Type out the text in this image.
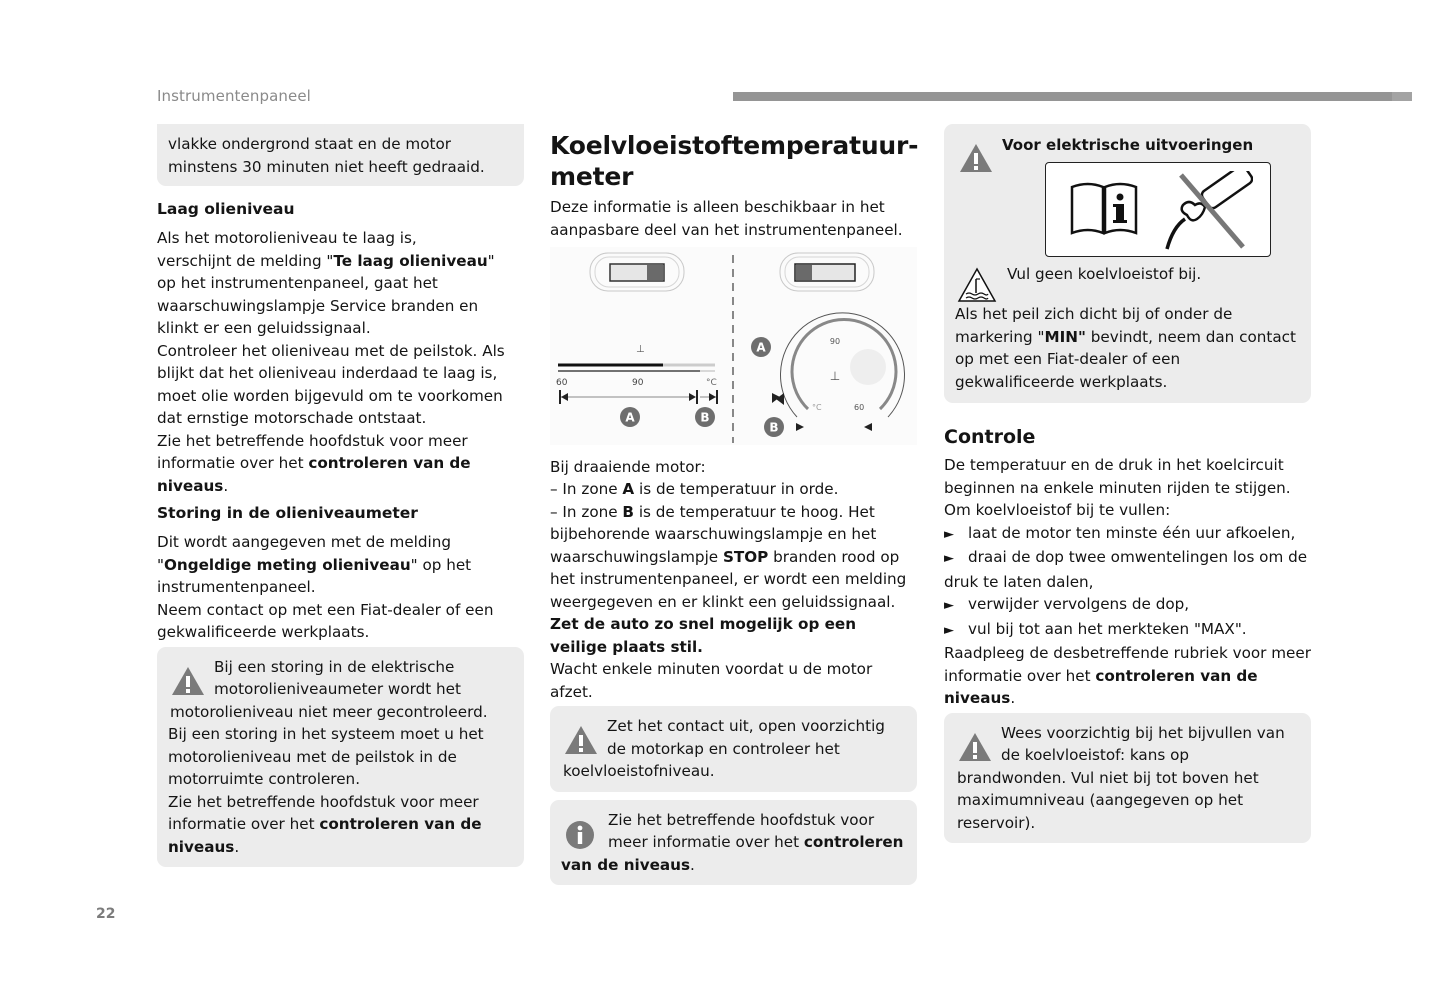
Instrumentenpaneel

vlakke ondergrond staat en de motor minstens 30 minuten niet heeft gedraaid.

Laag olieniveau

Als het motorolieniveau te laag is,
verschijnt de melding "Te laag olieniveau"
op het instrumentenpaneel, gaat het waarschuwingslampje Service branden en klinkt er een geluidssignaal.

Controleer het olieniveau met de peilstok. Als blijkt dat het olieniveau inderdaad te laag is, moet olie worden bijgevuld om te voorkomen dat ernstige motorschade ontstaat.

Zie het betreffende hoofdstuk voor meer informatie over het controleren van de niveaus.

Storing in de olieniveaumeter

Dit wordt aangegeven met de melding "Ongeldige meting olieniveau" op het instrumentenpaneel.

Neem contact op met een Fiat-dealer of een gekwalificeerde werkplaats.

Bij een storing in de elektrische motorolieniveaumeter wordt het motorolieniveau niet meer gecontroleerd.

Bij een storing in het systeem moet u het motorolieniveau met de peilstok in de motorruimte controleren.

Zie het betreffende hoofdstuk voor meer informatie over het controleren van de niveaus.

Koelvloeistoftemperatuur-meter

Deze informatie is alleen beschikbaar in het aanpasbare deel van het instrumentenpaneel.

⊥
60	90	°C
A	B
90
⊥
°C	60
A
B

Bij draaiende motor:

– In zone A is de temperatuur in orde.

– In zone B is de temperatuur te hoog. Het bijbehorende waarschuwingslampje en het waarschuwingslampje STOP branden rood op het instrumentenpaneel, er wordt een melding weergegeven en er klinkt een geluidssignaal.

Zet de auto zo snel mogelijk op een veilige plaats stil.

Wacht enkele minuten voordat u de motor afzet.

Zet het contact uit, open voorzichtig de motorkap en controleer het koelvloeistofniveau.

Zie het betreffende hoofdstuk voor meer informatie over het controleren van de niveaus.

Voor elektrische uitvoeringen

Vul geen koelvloeistof bij.

Als het peil zich dicht bij of onder de markering "MIN" bevindt, neem dan contact op met een Fiat-dealer of een gekwalificeerde werkplaats.

Controle

De temperatuur en de druk in het koelcircuit beginnen na enkele minuten rijden te stijgen.

Om koelvloeistof bij te vullen:

► laat de motor ten minste één uur afkoelen,

► draai de dop twee omwentelingen los om de druk te laten dalen,

► verwijder vervolgens de dop,

► vul bij tot aan het merkteken "MAX".

Raadpleeg de desbetreffende rubriek voor meer informatie over het controleren van de niveaus.

Wees voorzichtig bij het bijvullen van de koelvloeistof: kans op brandwonden. Vul niet bij tot boven het maximumniveau (aangegeven op het reservoir).

22
